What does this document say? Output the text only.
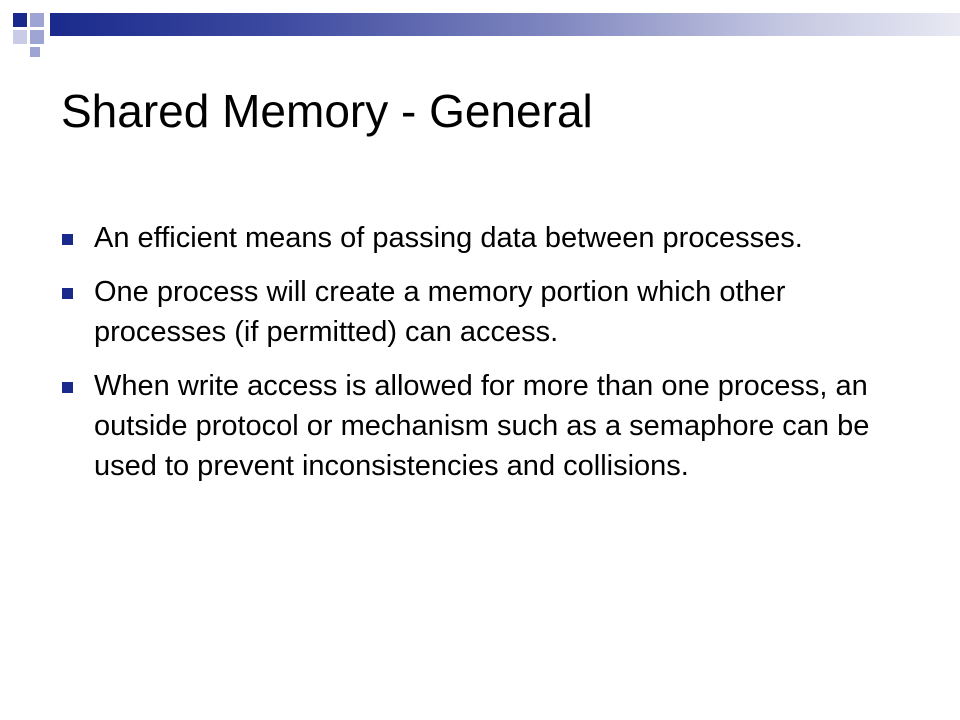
Shared Memory - General
An efficient means of passing data between processes.
One process will create a memory portion which other processes (if permitted) can access.
When write access is allowed for more than one process, an outside protocol or mechanism such as a semaphore can be used to prevent inconsistencies and collisions.
